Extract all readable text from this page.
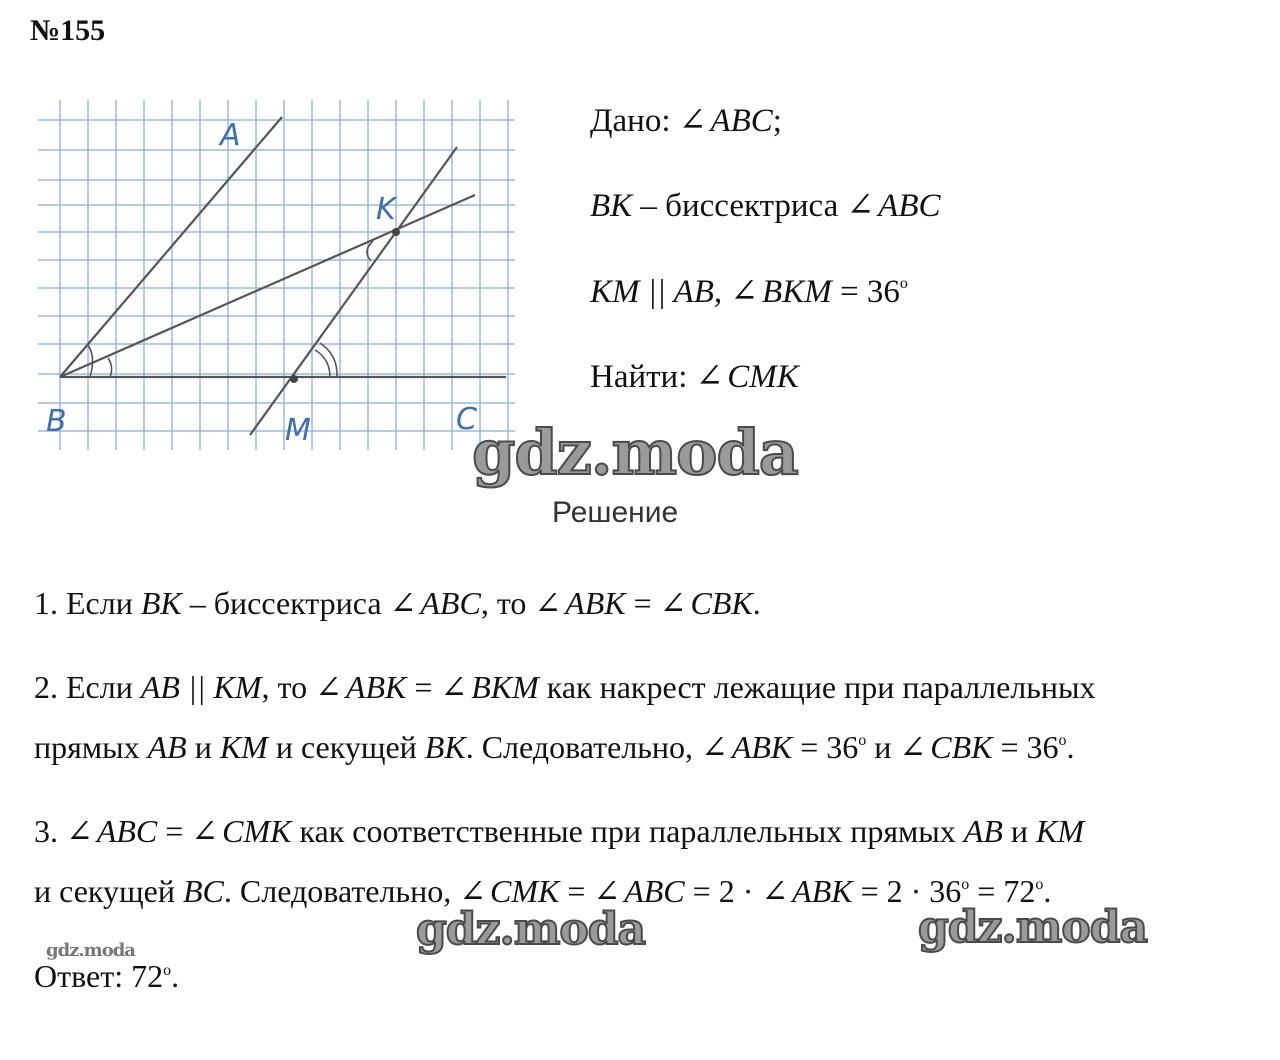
№155
A
K
B	M	C
Дано: ∠ ABC;
BK – биссектриса ∠ ABC
KM || AB, ∠ BKM = $36^o$
Найти: ∠ CMK
gdz.moda
Решение
1. Если BK – биссектриса ∠ ABC, то ∠ ABK = ∠ CBK.
2. Если AB || KM, то ∠ ABK = ∠ BKM как накрест лежащие при параллельных
прямых AB и KM и секущей BK. Следовательно, ∠ ABK = $36^o$ и ∠ CBK = $36^o$.
3. ∠ ABC = ∠ CMK как соответственные при параллельных прямых AB и KM
и секущей BC. Следовательно, ∠ CMK = ∠ ABC = 2 · ∠ ABK = $2 \cdot 36^o = 72^o$.
gdz.moda	gdz.moda
gdz.moda
Ответ: 72$^o$.
